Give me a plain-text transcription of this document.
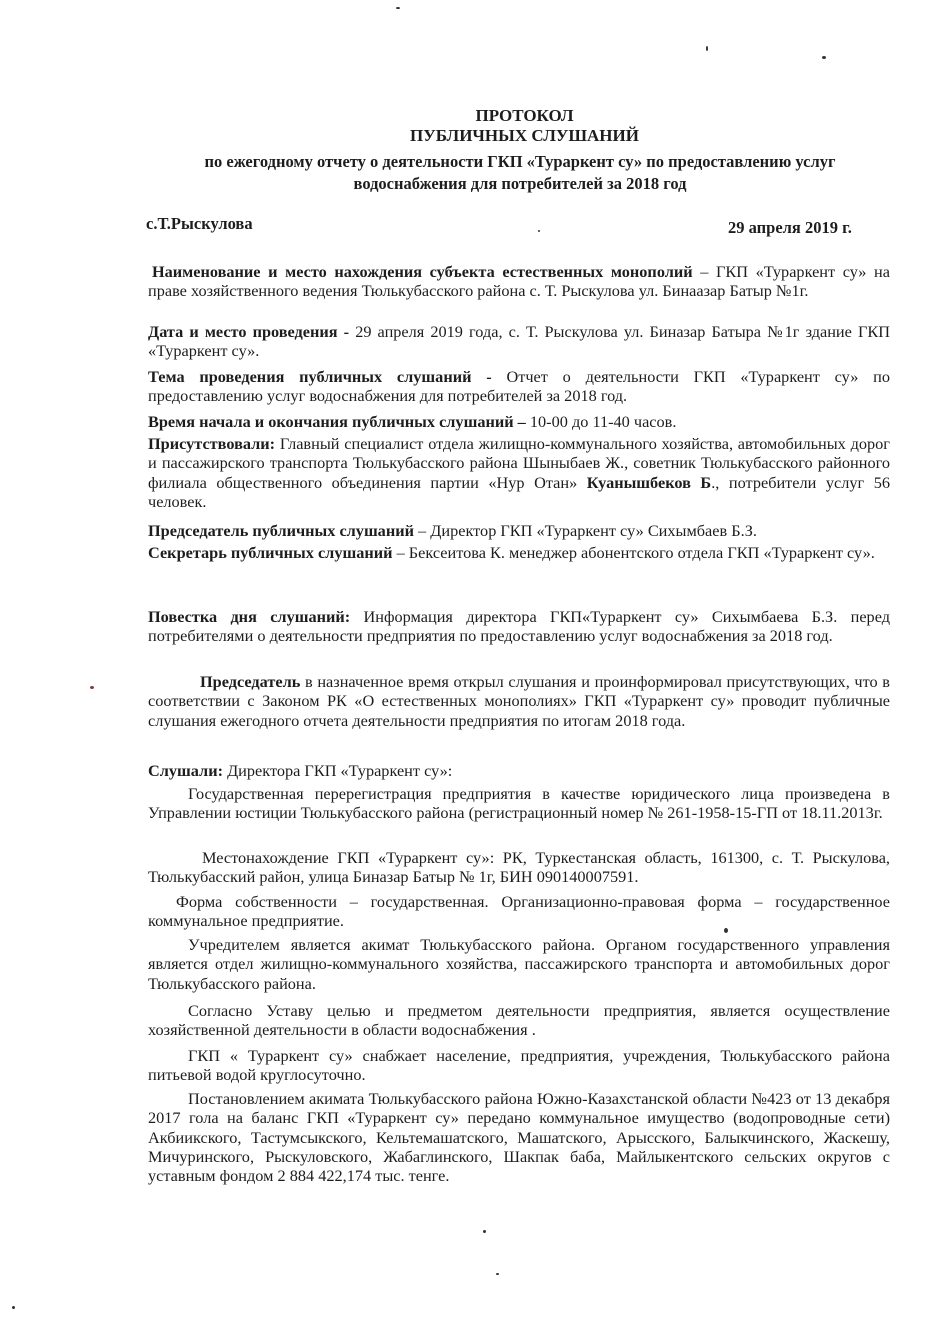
ПРОТОКОЛ
ПУБЛИЧНЫХ СЛУШАНИЙ
по ежегодному отчету о деятельности ГКП «Тураркент су» по предоставлению услуг
водоснабжения для потребителей за 2018 год
с.Т.Рыскулова	29 апреля 2019 г.
Наименование и место нахождения субъекта естественных монополий – ГКП «Тураркент су» на праве хозяйственного ведения Тюлькубасского района с. Т. Рыскулова ул. Бинаазар Батыр №1г.
Дата и место проведения - 29 апреля 2019 года, с. Т. Рыскулова ул. Биназар Батыра №1г здание ГКП «Тураркент су».
Тема проведения публичных слушаний - Отчет о деятельности ГКП «Тураркент су» по предоставлению услуг водоснабжения для потребителей за 2018 год.
Время начала и окончания публичных слушаний – 10-00 до 11-40 часов.
Присутствовали: Главный специалист отдела жилищно-коммунального хозяйства, автомобильных дорог и пассажирского транспорта Тюлькубасского района Шыныбаев Ж., советник Тюлькубасского районного филиала общественного объединения партии «Нур Отан» Куанышбеков Б., потребители услуг 56 человек.
Председатель публичных слушаний – Директор ГКП «Тураркент су» Сихымбаев Б.З.
Секретарь публичных слушаний – Бексеитова К. менеджер абонентского отдела ГКП «Тураркент су».
Повестка дня слушаний: Информация директора ГКП«Тураркент су» Сихымбаева Б.З. перед потребителями о деятельности предприятия по предоставлению услуг водоснабжения за 2018 год.
Председатель в назначенное время открыл слушания и проинформировал присутствующих, что в соответствии с Законом РК «О естественных монополиях» ГКП «Тураркент су» проводит публичные слушания ежегодного отчета деятельности предприятия по итогам 2018 года.
Слушали: Директора ГКП «Тураркент су»:
Государственная перерегистрация предприятия в качестве юридического лица произведена в Управлении юстиции Тюлькубасского района (регистрационный номер № 261-1958-15-ГП от 18.11.2013г.
Местонахождение ГКП «Тураркент су»: РК, Туркестанская область, 161300, с. Т. Рыскулова, Тюлькубасский район, улица Биназар Батыр № 1г, БИН 090140007591.
Форма собственности – государственная. Организационно-правовая форма – государственное коммунальное предприятие.
Учредителем является акимат Тюлькубасского района. Органом государственного управления является отдел жилищно-коммунального хозяйства, пассажирского транспорта и автомобильных дорог Тюлькубасского района.
Согласно Уставу целью и предметом деятельности предприятия, является осуществление хозяйственной деятельности в области водоснабжения .
ГКП « Тураркент су» снабжает население, предприятия, учреждения, Тюлькубасского района питьевой водой круглосуточно.
Постановлением акимата Тюлькубасского района Южно-Казахстанской области №423 от 13 декабря 2017 гола на баланс ГКП «Тураркент су» передано коммунальное имущество (водопроводные сети) Акбиикского, Тастумсыкского, Кельтемашатского, Машатского, Арысского, Балыкчинского, Жаскешу, Мичуринского, Рыскуловского, Жабаглинского, Шакпак баба, Майлыкентского сельских округов с уставным фондом 2 884 422,174 тыс. тенге.
